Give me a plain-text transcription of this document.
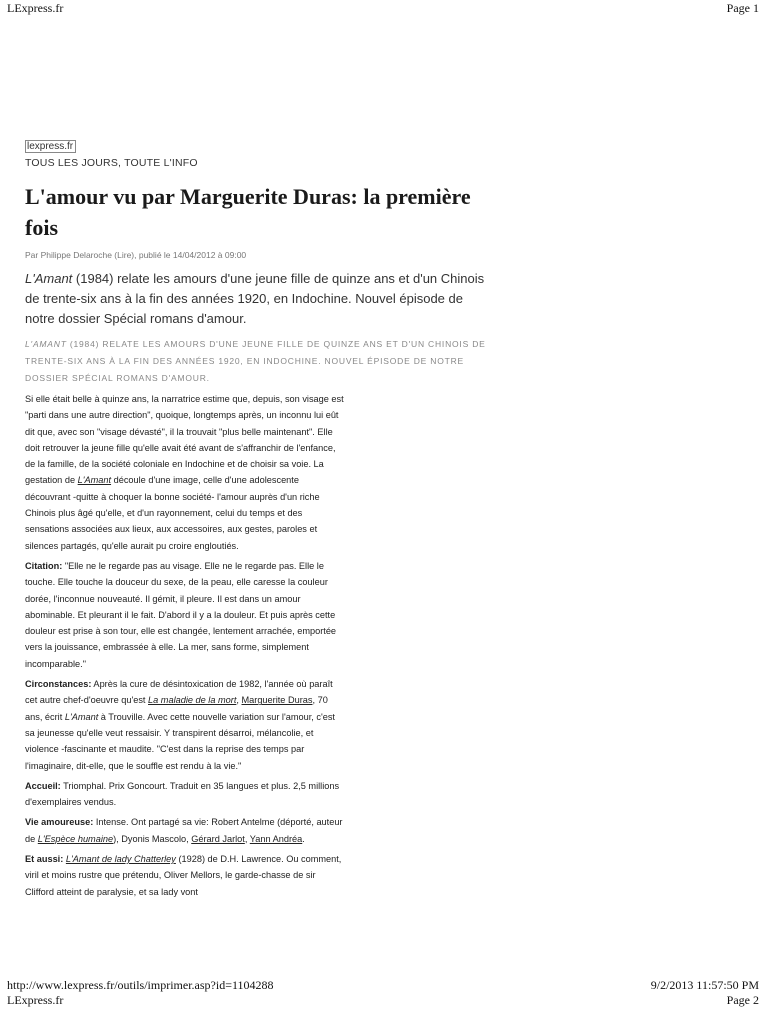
LExpress.fr	Page 1
lexpress.fr
TOUS LES JOURS, TOUTE L'INFO
L'amour vu par Marguerite Duras: la première fois
Par Philippe Delaroche (Lire), publié le 14/04/2012 à 09:00
L'Amant (1984) relate les amours d'une jeune fille de quinze ans et d'un Chinois de trente-six ans à la fin des années 1920, en Indochine. Nouvel épisode de notre dossier Spécial romans d'amour.
L'AMANT (1984) RELATE LES AMOURS D'UNE JEUNE FILLE DE QUINZE ANS ET D'UN CHINOIS DE TRENTE-SIX ANS À LA FIN DES ANNÉES 1920, EN INDOCHINE. NOUVEL ÉPISODE DE NOTRE DOSSIER SPÉCIAL ROMANS D'AMOUR.

Si elle était belle à quinze ans, la narratrice estime que, depuis, son visage est "parti dans une autre direction", quoique, longtemps après, un inconnu lui eût dit que, avec son "visage dévasté", il la trouvait "plus belle maintenant". Elle doit retrouver la jeune fille qu'elle avait été avant de s'affranchir de l'enfance, de la famille, de la société coloniale en Indochine et de choisir sa voie. La gestation de L'Amant découle d'une image, celle d'une adolescente découvrant -quitte à choquer la bonne société- l'amour auprès d'un riche Chinois plus âgé qu'elle, et d'un rayonnement, celui du temps et des sensations associées aux lieux, aux accessoires, aux gestes, paroles et silences partagés, qu'elle aurait pu croire engloutiés.

Citation: "Elle ne le regarde pas au visage. Elle ne le regarde pas. Elle le touche. Elle touche la douceur du sexe, de la peau, elle caresse la couleur dorée, l'inconnue nouveauté. Il gémit, il pleure. Il est dans un amour abominable. Et pleurant il le fait. D'abord il y a la douleur. Et puis après cette douleur est prise à son tour, elle est changée, lentement arrachée, emportée vers la jouissance, embrassée à elle. La mer, sans forme, simplement incomparable."

Circonstances: Après la cure de désintoxication de 1982, l'année où paraît cet autre chef-d'oeuvre qu'est La maladie de la mort, Marguerite Duras, 70 ans, écrit L'Amant à Trouville. Avec cette nouvelle variation sur l'amour, c'est sa jeunesse qu'elle veut ressaisir. Y transpirent désarroi, mélancolie, et violence -fascinante et maudite. "C'est dans la reprise des temps par l'imaginaire, dit-elle, que le souffle est rendu à la vie."

Accueil: Triomphal. Prix Goncourt. Traduit en 35 langues et plus. 2,5 millions d'exemplaires vendus.

Vie amoureuse: Intense. Ont partagé sa vie: Robert Antelme (déporté, auteur de L'Espèce humaine), Dyonis Mascolo, Gérard Jarlot, Yann Andréa.

Et aussi: L'Amant de lady Chatterley (1928) de D.H. Lawrence. Ou comment, viril et moins rustre que prétendu, Oliver Mellors, le garde-chasse de sir Clifford atteint de paralysie, et sa lady vont

http://www.lexpress.fr/outils/imprimer.asp?id=1104288	9/2/2013 11:57:50 PM
LExpress.fr	Page 2
